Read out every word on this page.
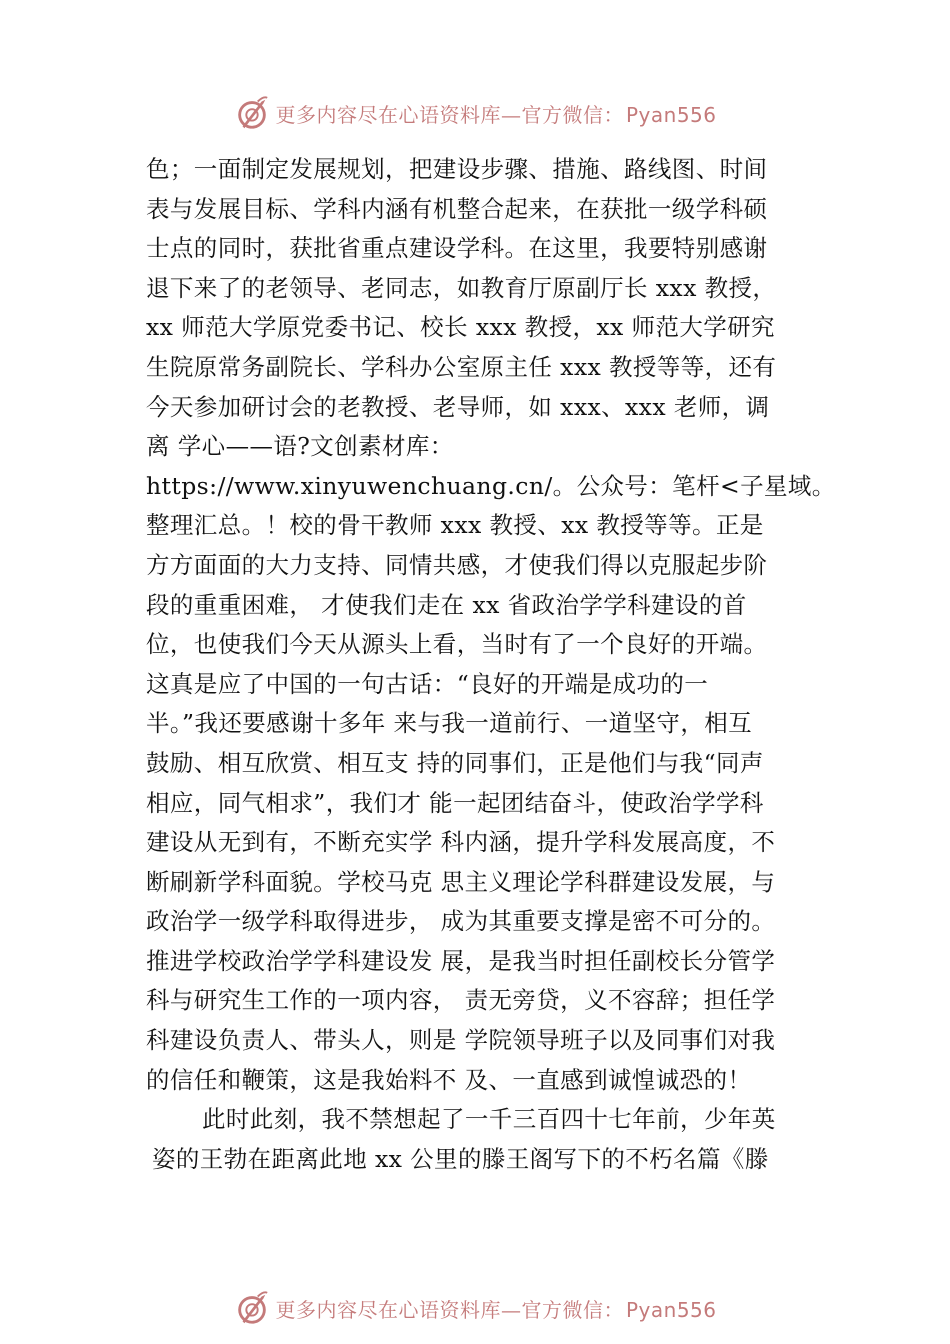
更多内容尽在心语资料库—官方微信： Pyan556
色；一面制定发展规划，把建设步骤、措施、路线图、时间
表与发展目标、学科内涵有机整合起来，在获批一级学科硕
士点的同时，获批省重点建设学科。在这里，我要特别感谢
退下来了的老领导、老同志，如教育厅原副厅长 xxx 教授，
xx 师范大学原党委书记、校长 xxx 教授，xx 师范大学研究
生院原常务副院长、学科办公室原主任 xxx 教授等等，还有
今天参加研讨会的老教授、老导师，如 xxx、xxx 老师，调
离 学心——语?文创素材库：
https://www.xinyuwenchuang.cn/。公众号：笔杆<子星域。
整理汇总。！校的骨干教师 xxx 教授、xx 教授等等。正是
方方面面的大力支持、同情共感，才使我们得以克服起步阶
段的重重困难， 才使我们走在 xx 省政治学学科建设的首
位，也使我们今天从源头上看，当时有了一个良好的开端。
这真是应了中国的一句古话：“良好的开端是成功的一
半。”我还要感谢十多年 来与我一道前行、一道坚守，相互
鼓励、相互欣赏、相互支 持的同事们，正是他们与我“同声
相应，同气相求”，我们才 能一起团结奋斗，使政治学学科
建设从无到有，不断充实学 科内涵，提升学科发展高度，不
断刷新学科面貌。学校马克 思主义理论学科群建设发展，与
政治学一级学科取得进步， 成为其重要支撑是密不可分的。
推进学校政治学学科建设发 展，是我当时担任副校长分管学
科与研究生工作的一项内容， 责无旁贷，义不容辞；担任学
科建设负责人、带头人，则是 学院领导班子以及同事们对我
的信任和鞭策，这是我始料不 及、一直感到诚惶诚恐的！
此时此刻，我不禁想起了一千三百四十七年前，少年英
姿的王勃在距离此地 xx 公里的滕王阁写下的不朽名篇《滕
更多内容尽在心语资料库—官方微信： Pyan556
